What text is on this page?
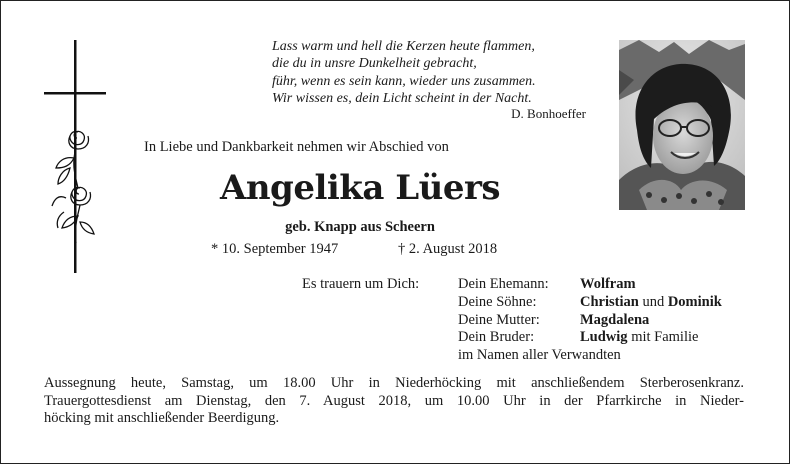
Lass warm und hell die Kerzen heute flammen,
die du in unsre Dunkelheit gebracht,
führ, wenn es sein kann, wieder uns zusammen.
Wir wissen es, dein Licht scheint in der Nacht.
D. Bonhoeffer
In Liebe und Dankbarkeit nehmen wir Abschied von
Angelika Lüers
geb. Knapp aus Scheern
* 10. September 1947	† 2. August 2018
Es trauern um Dich:	Dein Ehemann: Wolfram
Deine Söhne:	Christian und Dominik
Deine Mutter:	Magdalena
Dein Bruder:	Ludwig mit Familie
im Namen aller Verwandten
Aussegnung heute, Samstag, um 18.00 Uhr in Niederhöcking mit anschließendem Sterberosenkranz.
Trauergottesdienst am Dienstag, den 7. August 2018, um 10.00 Uhr in der Pfarrkirche in Nieder-
höcking mit anschließender Beerdigung.
